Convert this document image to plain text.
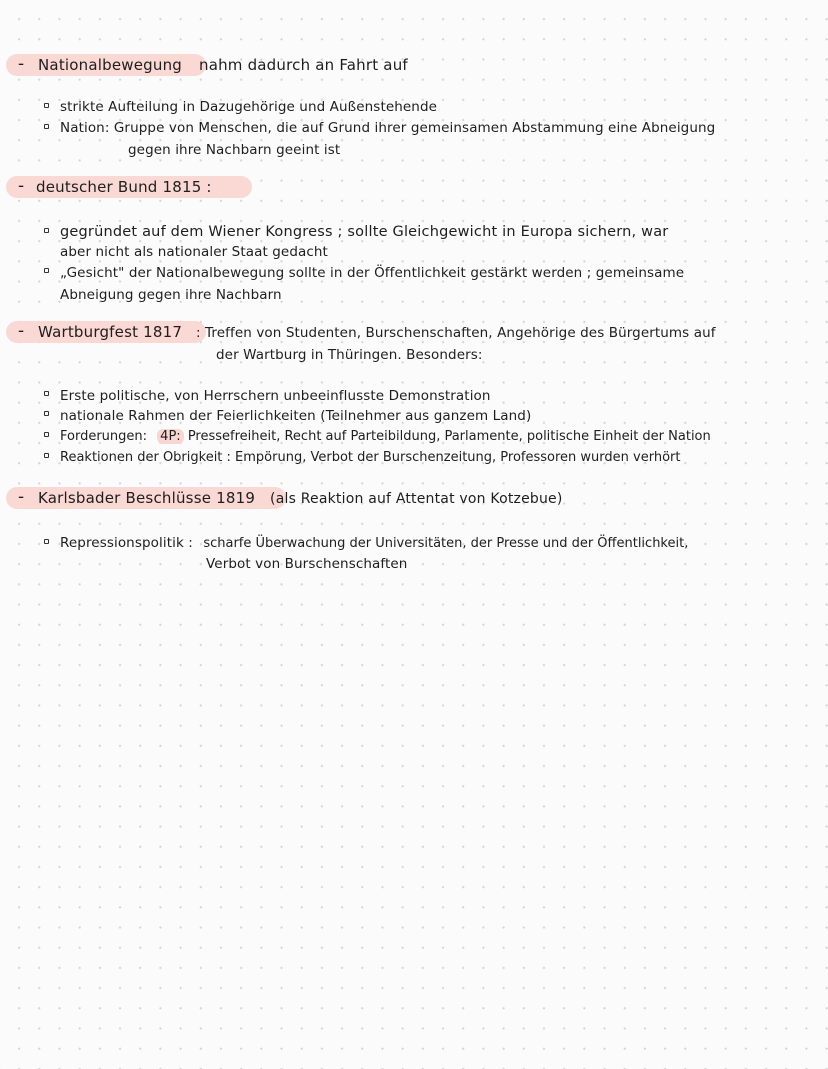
- Nationalbewegung nahm dadurch an Fahrt auf
strikte Aufteilung in Dazugehörige und Außenstehende
Nation: Gruppe von Menschen, die auf Grund ihrer gemeinsamen Abstammung eine Abneigung
gegen ihre Nachbarn geeint ist
- deutscher Bund 1815 :
gegründet auf dem Wiener Kongress ; sollte Gleichgewicht in Europa sichern, war
aber nicht als nationaler Staat gedacht
„Gesicht" der Nationalbewegung sollte in der Öffentlichkeit gestärkt werden ; gemeinsame
Abneigung gegen ihre Nachbarn
- Wartburgfest 1817 : Treffen von Studenten, Burschenschaften, Angehörige des Bürgertums auf
der Wartburg in Thüringen. Besonders:
Erste politische, von Herrschern unbeeinflusste Demonstration
nationale Rahmen der Feierlichkeiten (Teilnehmer aus ganzem Land)
Forderungen: 4P: Pressefreiheit, Recht auf Parteibildung, Parlamente, politische Einheit der Nation
Reaktionen der Obrigkeit : Empörung, Verbot der Burschenzeitung, Professoren wurden verhört
- Karlsbader Beschlüsse 1819 (als Reaktion auf Attentat von Kotzebue)
Repressionspolitik : scharfe Überwachung der Universitäten, der Presse und der Öffentlichkeit,
Verbot von Burschenschaften
